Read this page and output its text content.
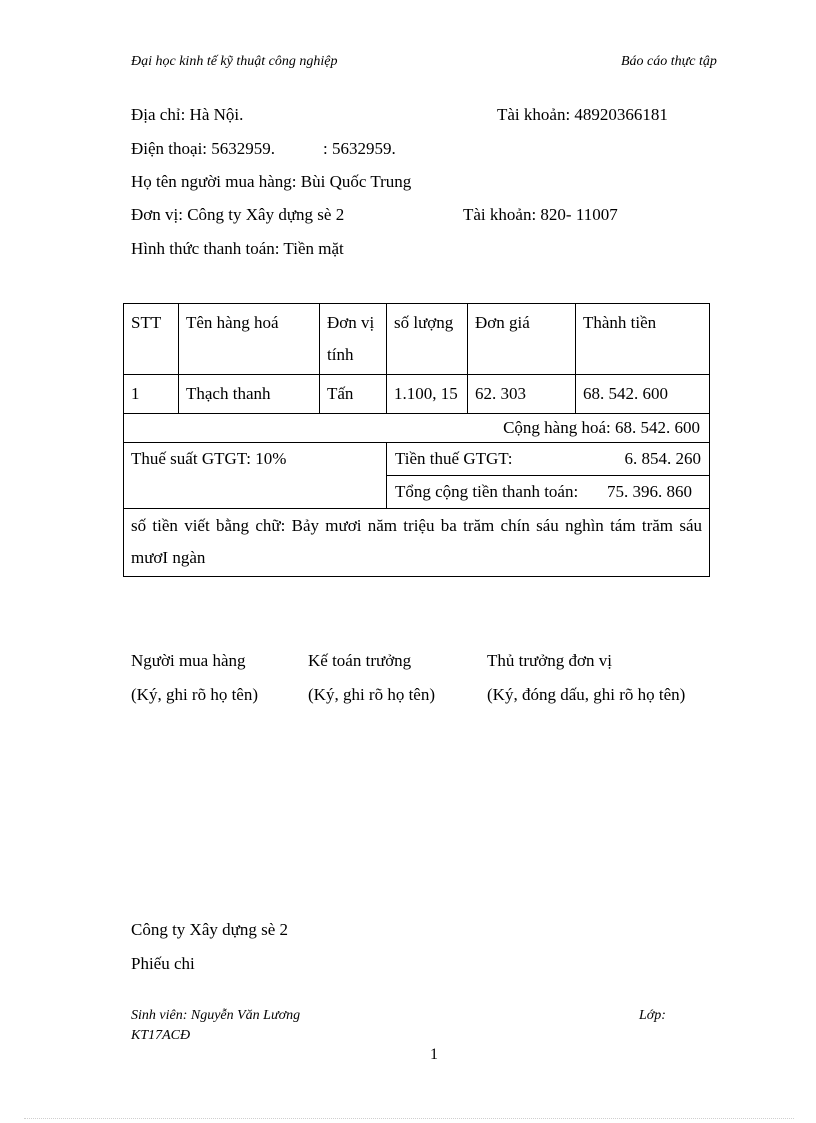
Đại học kinh tế kỹ thuật công nghiệp	Báo cáo thực tập
Địa chỉ: Hà Nội.	Tài khoản: 48920366181
Điện thoại: 5632959.	: 5632959.
Họ tên người mua hàng: Bùi Quốc Trung
Đơn vị: Công ty Xây dựng sè 2	Tài khoản: 820- 11007
Hình thức thanh toán: Tiền mặt
STT	Tên hàng hoá	Đơn vị tính	số lượng	Đơn giá	Thành tiền
1	Thạch thanh	Tấn	1.100, 15	62. 303	68. 542. 600
Cộng hàng hoá: 68. 542. 600					
Thuế suất GTGT: 10%			Tiền thuế GTGT: 6. 854. 260		

			Tổng cộng tiền thanh toán: 75. 396. 860		

số tiền viết bằng chữ: Bảy mươi năm triệu ba trăm chín sáu nghìn tám trăm sáu mươI ngàn					
Người mua hàng	Kế toán trưởng	Thủ trưởng đơn vị
(Ký, ghi rõ họ tên)	(Ký, ghi rõ họ tên)	(Ký, đóng dấu, ghi rõ họ tên)
Công ty Xây dựng sè 2
Phiếu chi
Sinh viên: Nguyễn Văn Lương	Lớp:
KT17ACĐ
1
